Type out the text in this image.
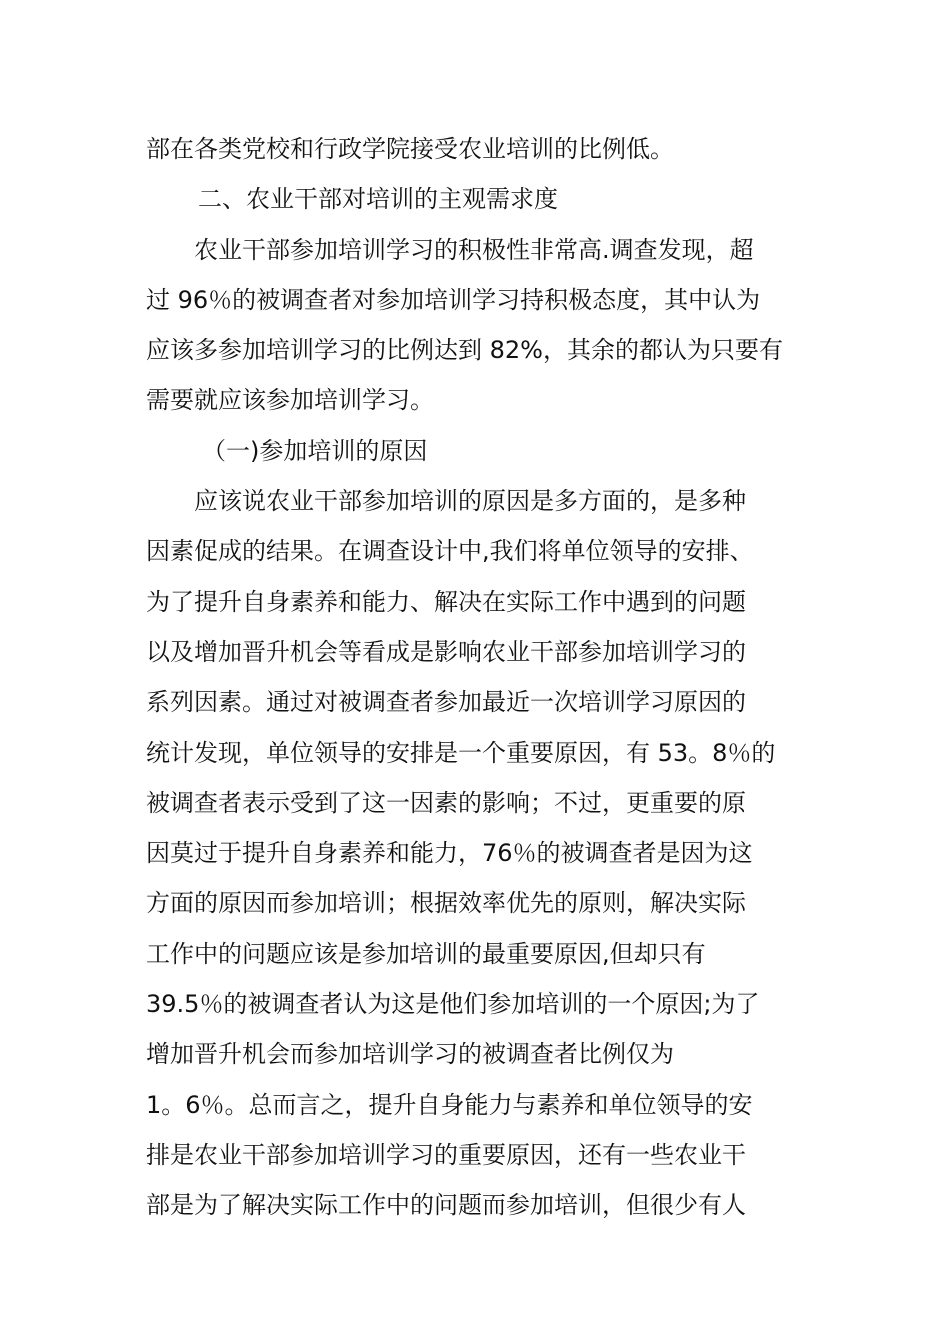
部在各类党校和行政学院接受农业培训的比例低。
二、农业干部对培训的主观需求度
农业干部参加培训学习的积极性非常高.调查发现，超
过 96％的被调查者对参加培训学习持积极态度，其中认为
应该多参加培训学习的比例达到 82%，其余的都认为只要有
需要就应该参加培训学习。
（一)参加培训的原因
应该说农业干部参加培训的原因是多方面的，是多种
因素促成的结果。在调查设计中,我们将单位领导的安排、
为了提升自身素养和能力、解决在实际工作中遇到的问题
以及增加晋升机会等看成是影响农业干部参加培训学习的
系列因素。通过对被调查者参加最近一次培训学习原因的
统计发现，单位领导的安排是一个重要原因，有 53。8％的
被调查者表示受到了这一因素的影响；不过，更重要的原
因莫过于提升自身素养和能力，76％的被调查者是因为这
方面的原因而参加培训；根据效率优先的原则，解决实际
工作中的问题应该是参加培训的最重要原因,但却只有
39.5％的被调查者认为这是他们参加培训的一个原因;为了
增加晋升机会而参加培训学习的被调查者比例仅为
1。6％。总而言之，提升自身能力与素养和单位领导的安
排是农业干部参加培训学习的重要原因，还有一些农业干
部是为了解决实际工作中的问题而参加培训，但很少有人
